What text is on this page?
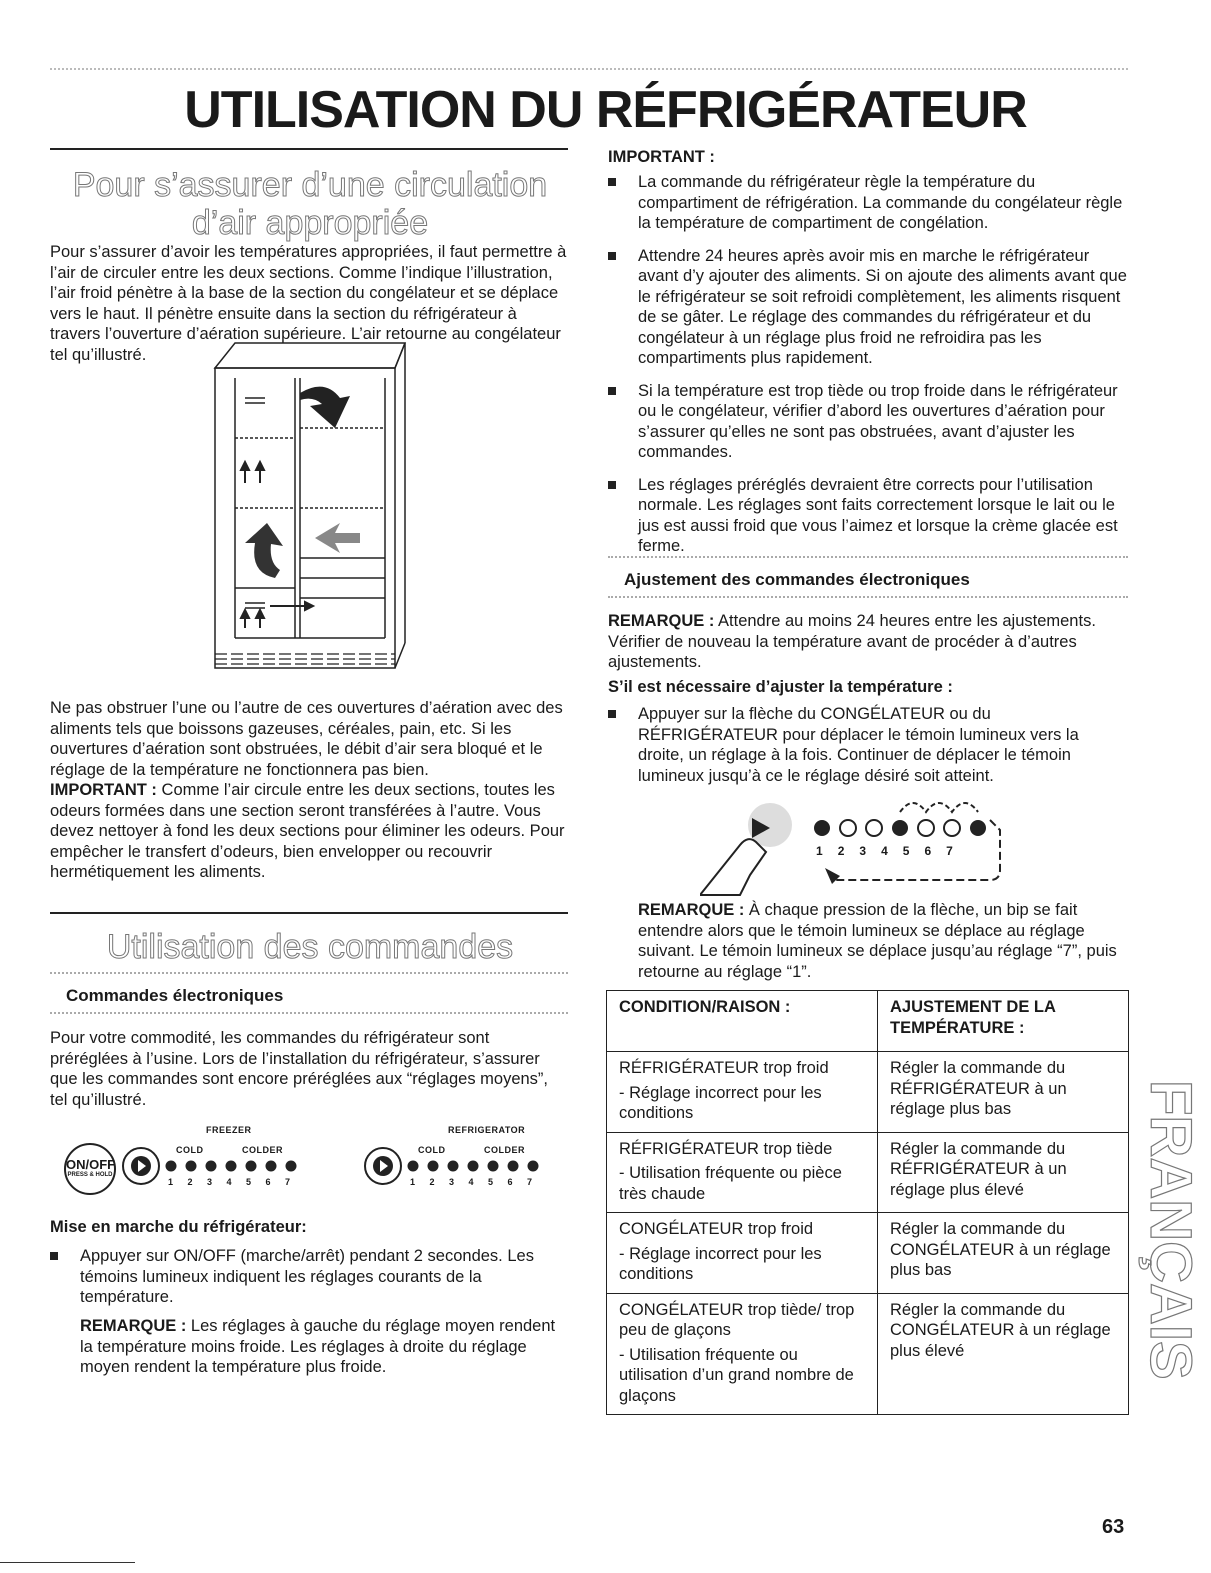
UTILISATION DU RÉFRIGÉRATEUR
Pour s’assurer d’une circulation d’air appropriée

Pour s’assurer d’avoir les températures appropriées, il faut permettre à l’air de circuler entre les deux sections. Comme l’indique l’illustration, l’air froid pénètre à la base de la section du congélateur et se déplace vers le haut. Il pénètre ensuite dans la section du réfrigérateur à travers l’ouverture d’aération supérieure. L’air retourne au congélateur tel qu’illustré.

Ne pas obstruer l’une ou l’autre de ces ouvertures d’aération avec des aliments tels que boissons gazeuses, céréales, pain, etc. Si les ouvertures d’aération sont obstruées, le débit d’air sera bloqué et le réglage de la température ne fonctionnera pas bien.

IMPORTANT : Comme l’air circule entre les deux sections, toutes les odeurs formées dans une section seront transférées à l’autre. Vous devez nettoyer à fond les deux sections pour éliminer les odeurs. Pour empêcher le transfert d’odeurs, bien envelopper ou recouvrir hermétiquement les aliments.

Utilisation des commandes
Commandes électroniques

Pour votre commodité, les commandes du réfrigérateur sont préréglées à l’usine. Lors de l’installation du réfrigérateur, s’assurer que les commandes sont encore préréglées aux “réglages moyens”, tel qu’illustré.

ON/OFF
PRESS & HOLD
FREEZER
COLD	COLDER
1 2 3 4 5 6 7
REFRIGERATOR
COLD	COLDER
1 2 3 4 5 6 7
Mise en marche du réfrigérateur:
Appuyer sur ON/OFF (marche/arrêt) pendant 2 secondes. Les témoins lumineux indiquent les réglages courants de la température.

REMARQUE : Les réglages à gauche du réglage moyen rendent la température moins froide. Les réglages à droite du réglage moyen rendent la température plus froide.

IMPORTANT :
La commande du réfrigérateur règle la température du compartiment de réfrigération. La commande du congélateur règle la température de compartiment de congélation.
Attendre 24 heures après avoir mis en marche le réfrigérateur avant d’y ajouter des aliments. Si on ajoute des aliments avant que le réfrigérateur se soit refroidi complètement, les aliments risquent de se gâter. Le réglage des commandes du réfrigérateur et du congélateur à un réglage plus froid ne refroidira pas les compartiments plus rapidement.
Si la température est trop tiède ou trop froide dans le réfrigérateur ou le congélateur, vérifier d’abord les ouvertures d’aération pour s’assurer qu’elles ne sont pas obstruées, avant d’ajuster les commandes.
Les réglages préréglés devraient être corrects pour l’utilisation normale. Les réglages sont faits correctement lorsque le lait ou le jus est aussi froid que vous l’aimez et lorsque la crème glacée est ferme.
Ajustement des commandes électroniques

REMARQUE : Attendre au moins 24 heures entre les ajustements. Vérifier de nouveau la température avant de procéder à d’autres ajustements.

S’il est nécessaire d’ajuster la température :
Appuyer sur la flèche du CONGÉLATEUR ou du RÉFRIGÉRATEUR pour déplacer le témoin lumineux vers la droite, un réglage à la fois. Continuer de déplacer le témoin lumineux jusqu’à ce le réglage désiré soit atteint.
1234567

REMARQUE : À chaque pression de la flèche, un bip se fait entendre alors que le témoin lumineux se déplace au réglage suivant. Le témoin lumineux se déplace jusqu’au réglage “7”, puis retourne au réglage “1”.

CONDITION/RAISON :	AJUSTEMENT DE LA TEMPÉRATURE :

RÉFRIGÉRATEUR trop froid
- Réglage incorrect pour les conditions	Régler la commande du RÉFRIGÉRATEUR à un réglage plus bas

RÉFRIGÉRATEUR trop tiède
- Utilisation fréquente ou pièce très chaude	Régler la commande du RÉFRIGÉRATEUR à un réglage plus élevé

CONGÉLATEUR trop froid
- Réglage incorrect pour les conditions	Régler la commande du CONGÉLATEUR à un réglage plus bas

CONGÉLATEUR trop tiède/ trop peu de glaçons
- Utilisation fréquente ou utilisation d’un grand nombre de glaçons	Régler la commande du CONGÉLATEUR à un réglage plus élevé	FRANÇAIS
63
